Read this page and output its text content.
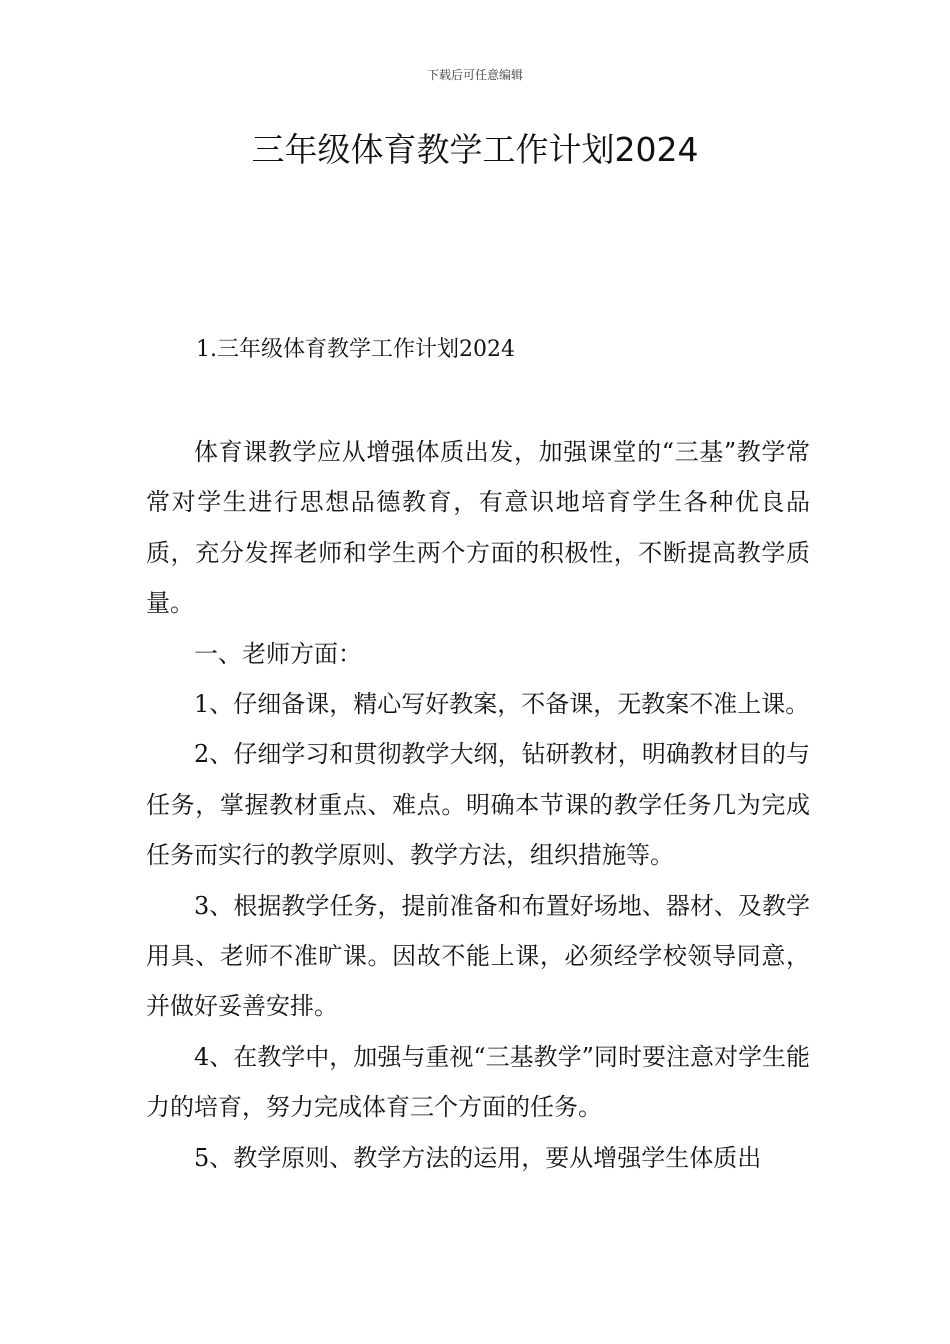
下载后可任意编辑
三年级体育教学工作计划2024
1.三年级体育教学工作计划2024

体育课教学应从增强体质出发，加强课堂的“三基”教学常常对学生进行思想品德教育，有意识地培育学生各种优良品质，充分发挥老师和学生两个方面的积极性，不断提高教学质量。

一、老师方面：

1、仔细备课，精心写好教案，不备课，无教案不准上课。

2、仔细学习和贯彻教学大纲，钻研教材，明确教材目的与任务，掌握教材重点、难点。明确本节课的教学任务几为完成任务而实行的教学原则、教学方法，组织措施等。

3、根据教学任务，提前准备和布置好场地、器材、及教学用具、老师不准旷课。因故不能上课，必须经学校领导同意，并做好妥善安排。

4、在教学中，加强与重视“三基教学”同时要注意对学生能力的培育，努力完成体育三个方面的任务。

5、教学原则、教学方法的运用，要从增强学生体质出
